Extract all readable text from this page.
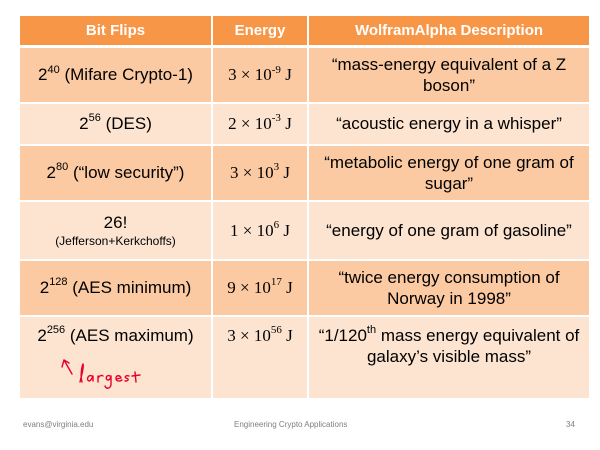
Bit Flips	Energy	WolframAlpha Description
$2^{40}$ (Mifare Crypto-1)	$3 \times 10^{-9}$ J	“mass-energy equivalent of a Z boson”
$2^{56}$ (DES)	$2 \times 10^{-3}$ J	“acoustic energy in a whisper”
$2^{80}$ (“low security”)	$3 \times 10^3$ J	“metabolic energy of one gram of sugar”
26!
(Jefferson+Kerkchoffs)	$1 \times 10^6$ J	“energy of one gram of gasoline”
$2^{128}$ (AES minimum)	$9 \times 10^{17}$ J	“twice energy consumption of Norway in 1998”
$2^{256}$ (AES maximum)	$3 \times 10^{56}$ J	“1/120th mass energy equivalent of galaxy’s visible mass”
largest
evans@virginia.edu	Engineering Crypto Applications	34
